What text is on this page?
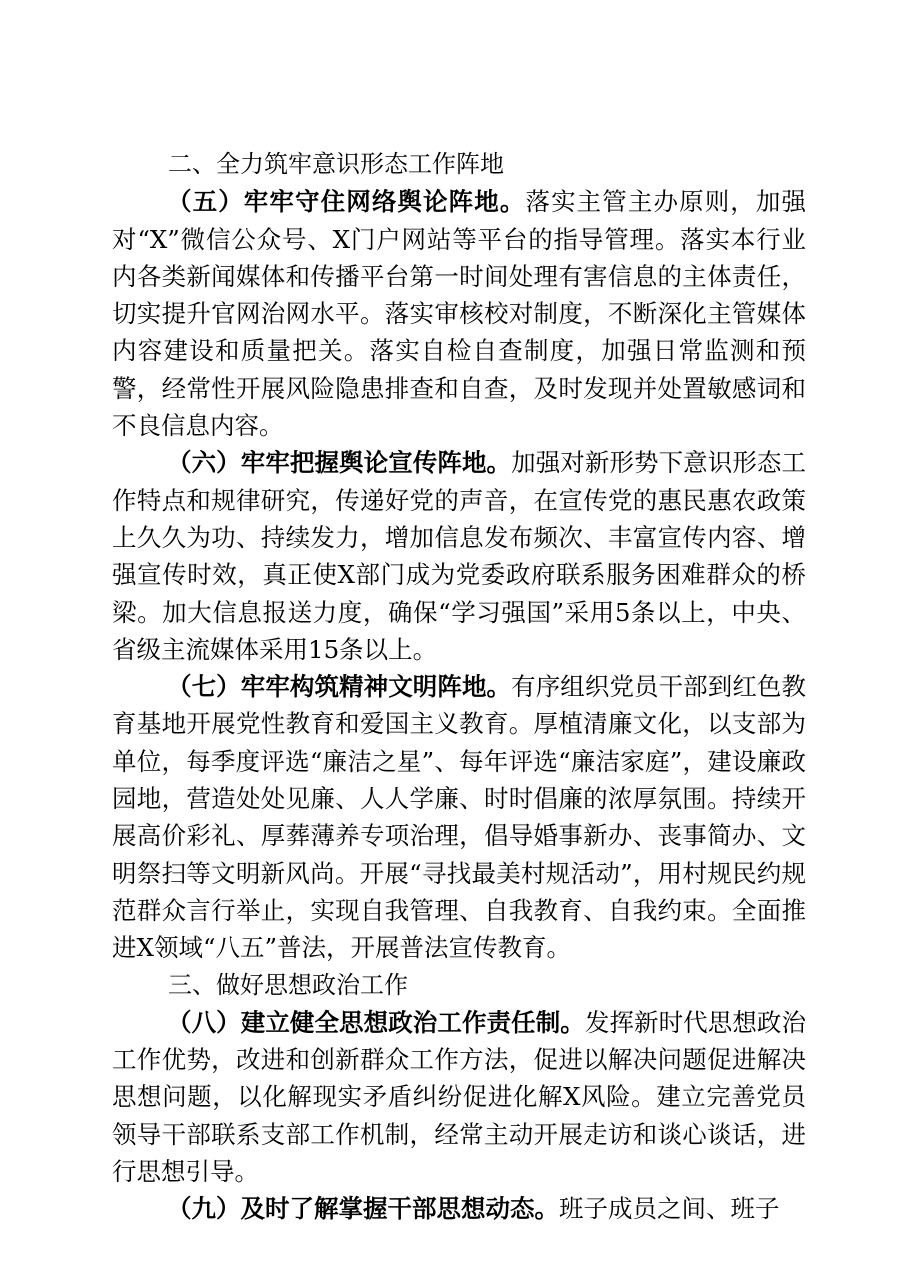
二、全力筑牢意识形态工作阵地

（五）牢牢守住网络舆论阵地。落实主管主办原则，加强对“X”微信公众号、X门户网站等平台的指导管理。落实本行业内各类新闻媒体和传播平台第一时间处理有害信息的主体责任，切实提升官网治网水平。落实审核校对制度，不断深化主管媒体内容建设和质量把关。落实自检自查制度，加强日常监测和预警，经常性开展风险隐患排查和自查，及时发现并处置敏感词和不良信息内容。

（六）牢牢把握舆论宣传阵地。加强对新形势下意识形态工作特点和规律研究，传递好党的声音，在宣传党的惠民惠农政策上久久为功、持续发力，增加信息发布频次、丰富宣传内容、增强宣传时效，真正使X部门成为党委政府联系服务困难群众的桥梁。加大信息报送力度，确保“学习强国”采用5条以上，中央、省级主流媒体采用15条以上。

（七）牢牢构筑精神文明阵地。有序组织党员干部到红色教育基地开展党性教育和爱国主义教育。厚植清廉文化，以支部为单位，每季度评选“廉洁之星”、每年评选“廉洁家庭”，建设廉政园地，营造处处见廉、人人学廉、时时倡廉的浓厚氛围。持续开展高价彩礼、厚葬薄养专项治理，倡导婚事新办、丧事简办、文明祭扫等文明新风尚。开展“寻找最美村规活动”，用村规民约规范群众言行举止，实现自我管理、自我教育、自我约束。全面推进X领域“八五”普法，开展普法宣传教育。

三、做好思想政治工作

（八）建立健全思想政治工作责任制。发挥新时代思想政治工作优势，改进和创新群众工作方法，促进以解决问题促进解决思想问题，以化解现实矛盾纠纷促进化解X风险。建立完善党员领导干部联系支部工作机制，经常主动开展走访和谈心谈话，进行思想引导。

（九）及时了解掌握干部思想动态。班子成员之间、班子
